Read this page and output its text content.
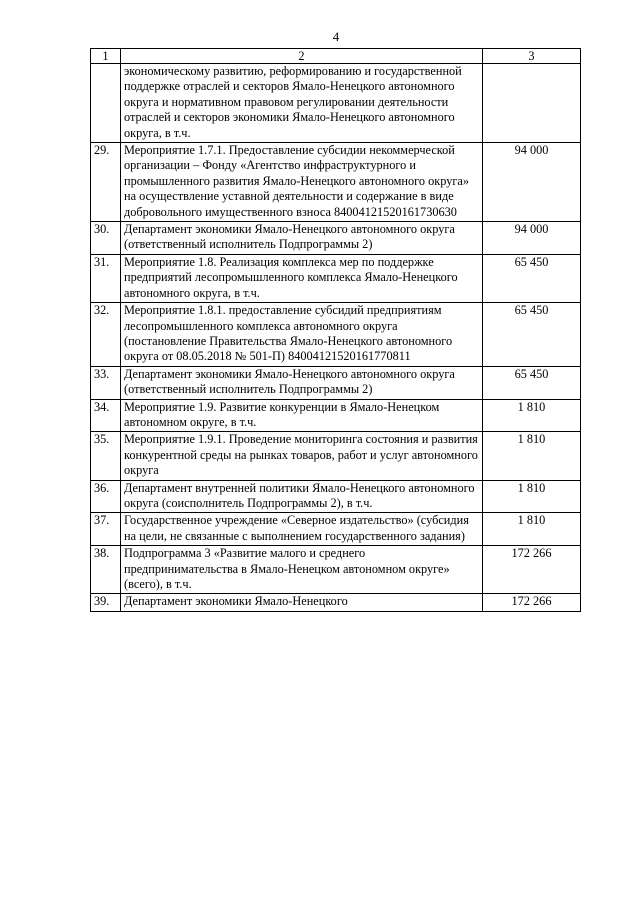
4
1	2	3
	экономическому развитию, реформированию и государственной поддержке отраслей и секторов Ямало-Ненецкого автономного округа и нормативном правовом регулировании деятельности отраслей и секторов экономики Ямало-Ненецкого автономного округа, в т.ч.	
29.	Мероприятие 1.7.1. Предоставление субсидии некоммерческой организации – Фонду «Агентство инфраструктурного и промышленного развития Ямало-Ненецкого автономного округа» на осуществление уставной деятельности и содержание в виде добровольного имущественного взноса 84004121520161730630	94 000
30.	Департамент экономики Ямало-Ненецкого автономного округа (ответственный исполнитель Подпрограммы 2)	94 000
31.	Мероприятие 1.8. Реализация комплекса мер по поддержке предприятий лесопромышленного комплекса Ямало-Ненецкого автономного округа, в т.ч.	65 450
32.	Мероприятие 1.8.1. предоставление субсидий предприятиям лесопромышленного комплекса автономного округа (постановление Правительства Ямало-Ненецкого автономного округа от 08.05.2018 № 501-П) 84004121520161770811	65 450
33.	Департамент экономики Ямало-Ненецкого автономного округа (ответственный исполнитель Подпрограммы 2)	65 450
34.	Мероприятие 1.9. Развитие конкуренции в Ямало-Ненецком автономном округе, в т.ч.	1 810
35.	Мероприятие 1.9.1. Проведение мониторинга состояния и развития конкурентной среды на рынках товаров, работ и услуг автономного округа	1 810
36.	Департамент внутренней политики Ямало-Ненецкого автономного округа (соисполнитель Подпрограммы 2), в т.ч.	1 810
37.	Государственное учреждение «Северное издательство» (субсидия на цели, не связанные с выполнением государственного задания)	1 810
38.	Подпрограмма 3 «Развитие малого и среднего предпринимательства в Ямало-Ненецком автономном округе» (всего), в т.ч.	172 266
39.	Департамент экономики Ямало-Ненецкого	172 266
